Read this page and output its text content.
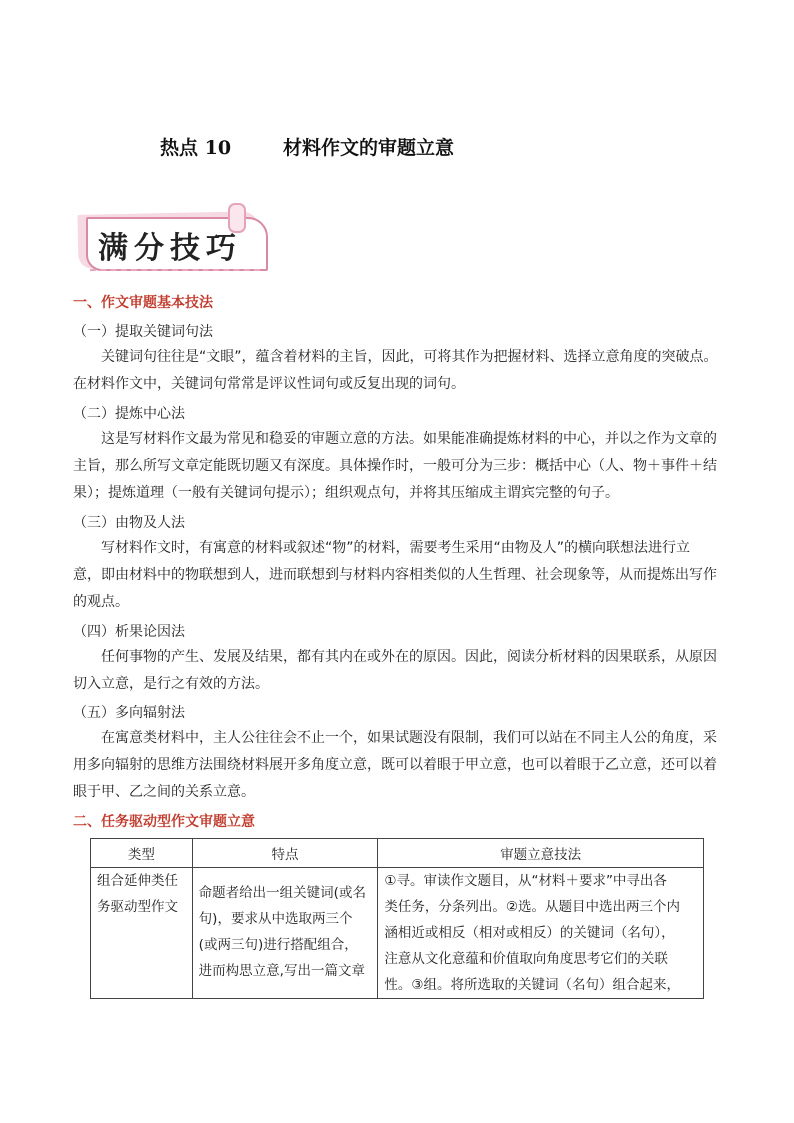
热点 10	材料作文的审题立意
满分技巧
一、作文审题基本技法
（一）提取关键词句法
关键词句往往是“文眼”，蕴含着材料的主旨，因此，可将其作为把握材料、选择立意角度的突破点。
在材料作文中，关键词句常常是评议性词句或反复出现的词句。
（二）提炼中心法
这是写材料作文最为常见和稳妥的审题立意的方法。如果能准确提炼材料的中心，并以之作为文章的
主旨，那么所写文章定能既切题又有深度。具体操作时，一般可分为三步：概括中心（人、物＋事件＋结
果）；提炼道理（一般有关键词句提示）；组织观点句，并将其压缩成主谓宾完整的句子。
（三）由物及人法
写材料作文时，有寓意的材料或叙述“物”的材料，需要考生采用“由物及人”的横向联想法进行立
意，即由材料中的物联想到人，进而联想到与材料内容相类似的人生哲理、社会现象等，从而提炼出写作
的观点。
（四）析果论因法
任何事物的产生、发展及结果，都有其内在或外在的原因。因此，阅读分析材料的因果联系，从原因
切入立意，是行之有效的方法。
（五）多向辐射法
在寓意类材料中，主人公往往会不止一个，如果试题没有限制，我们可以站在不同主人公的角度，采
用多向辐射的思维方法围绕材料展开多角度立意，既可以着眼于甲立意，也可以着眼于乙立意，还可以着
眼于甲、乙之间的关系立意。
二、任务驱动型作文审题立意
类型	特点	审题立意技法

组合延伸类任
务驱动型作文	命题者给出一组关键词(或名
句)，要求从中选取两三个
(或两三句)进行搭配组合，
进而构思立意,写出一篇文章	①寻。审读作文题目，从“材料＋要求”中寻出各
类任务，分条列出。②选。从题目中选出两三个内
涵相近或相反（相对或相反）的关键词（名句），
注意从文化意蕴和价值取向角度思考它们的关联
性。③组。将所选取的关键词（名句）组合起来，
